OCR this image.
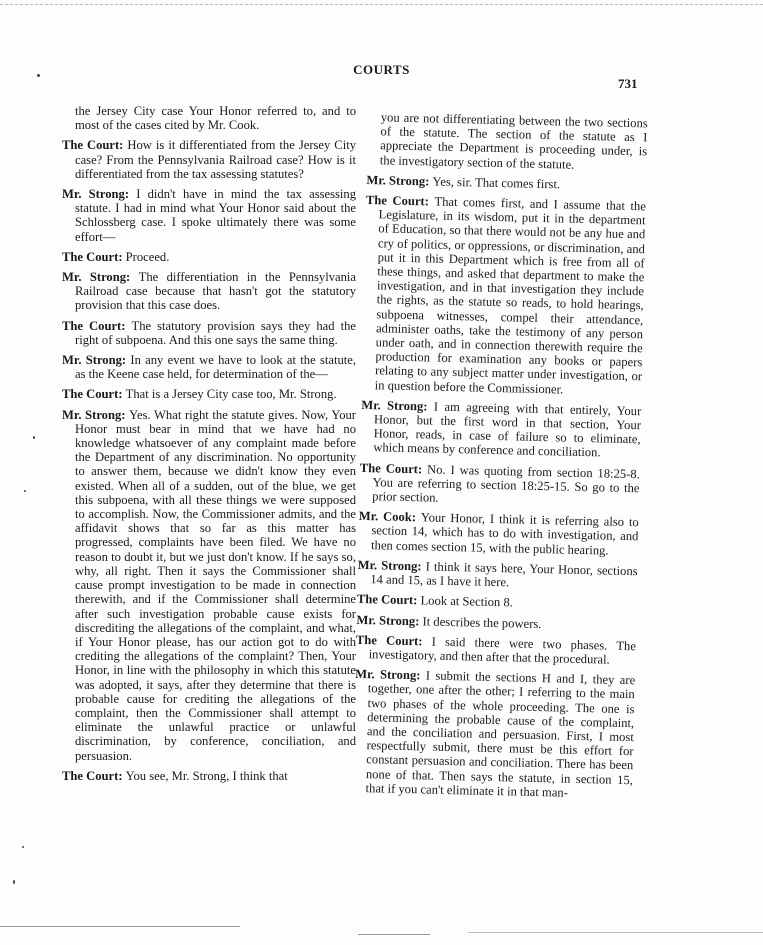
COURTS
731

the Jersey City case Your Honor referred to, and to most of the cases cited by Mr. Cook.

The Court: How is it differentiated from the Jersey City case? From the Pennsylvania Railroad case? How is it differentiated from the tax assessing statutes?

Mr. Strong: I didn't have in mind the tax assessing statute. I had in mind what Your Honor said about the Schlossberg case. I spoke ultimately there was some effort—

The Court: Proceed.

Mr. Strong: The differentiation in the Pennsylvania Railroad case because that hasn't got the statutory provision that this case does.

The Court: The statutory provision says they had the right of subpoena. And this one says the same thing.

Mr. Strong: In any event we have to look at the statute, as the Keene case held, for determination of the—

The Court: That is a Jersey City case too, Mr. Strong.

Mr. Strong: Yes. What right the statute gives. Now, Your Honor must bear in mind that we have had no knowledge whatsoever of any complaint made before the Department of any discrimination. No opportunity to answer them, because we didn't know they even existed. When all of a sudden, out of the blue, we get this subpoena, with all these things we were supposed to accomplish. Now, the Commissioner admits, and the affidavit shows that so far as this matter has progressed, complaints have been filed. We have no reason to doubt it, but we just don't know. If he says so, why, all right. Then it says the Commissioner shall cause prompt investigation to be made in connection therewith, and if the Commissioner shall determine after such investigation probable cause exists for discrediting the allegations of the complaint, and what, if Your Honor please, has our action got to do with crediting the allegations of the complaint? Then, Your Honor, in line with the philosophy in which this statute was adopted, it says, after they determine that there is probable cause for crediting the allegations of the complaint, then the Commissioner shall attempt to eliminate the unlawful practice or unlawful discrimination, by conference, conciliation, and persuasion.

The Court: You see, Mr. Strong, I think that

you are not differentiating between the two sections of the statute. The section of the statute as I appreciate the Department is proceeding under, is the investigatory section of the statute.

Mr. Strong: Yes, sir. That comes first.

The Court: That comes first, and I assume that the Legislature, in its wisdom, put it in the department of Education, so that there would not be any hue and cry of politics, or oppressions, or discrimination, and put it in this Department which is free from all of these things, and asked that department to make the investigation, and in that investigation they include the rights, as the statute so reads, to hold hearings, subpoena witnesses, compel their attendance, administer oaths, take the testimony of any person under oath, and in connection therewith require the production for examination any books or papers relating to any subject matter under investigation, or in question before the Commissioner.

Mr. Strong: I am agreeing with that entirely, Your Honor, but the first word in that section, Your Honor, reads, in case of failure so to eliminate, which means by conference and conciliation.

The Court: No. I was quoting from section 18:25-8. You are referring to section 18:25-15. So go to the prior section.

Mr. Cook: Your Honor, I think it is referring also to section 14, which has to do with investigation, and then comes section 15, with the public hearing.

Mr. Strong: I think it says here, Your Honor, sections 14 and 15, as I have it here.

The Court: Look at Section 8.

Mr. Strong: It describes the powers.

The Court: I said there were two phases. The investigatory, and then after that the procedural.

Mr. Strong: I submit the sections H and I, they are together, one after the other; I referring to the main two phases of the whole proceeding. The one is determining the probable cause of the complaint, and the conciliation and persuasion. First, I most respectfully submit, there must be this effort for constant persuasion and conciliation. There has been none of that. Then says the statute, in section 15, that if you can't eliminate it in that man-
